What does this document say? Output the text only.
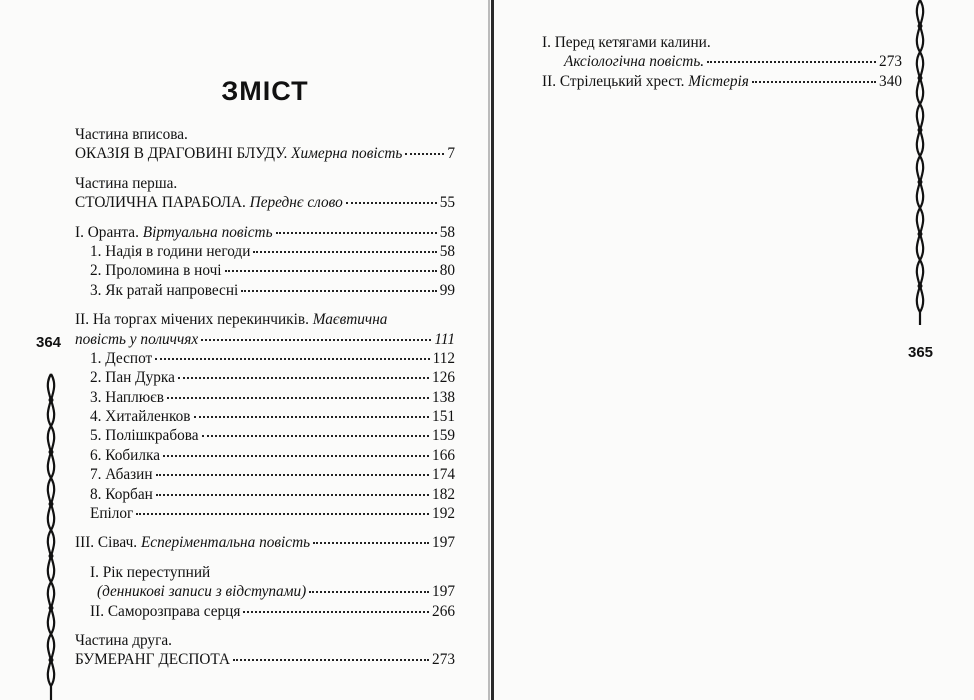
ЗМІСТ
Частина вписова.
ОКАЗІЯ В ДРАГОВИНІ БЛУДУ. Химерна повість	7
Частина перша.
СТОЛИЧНА ПАРАБОЛА. Переднє слово	55
I. Оранта. Віртуальна повість	58
1. Надія в години негоди	58
2. Проломина в ночі	80
3. Як ратай напровесні	99
II. На торгах мічених перекинчиків. Маєвтична
повість у поличчях	111
1. Деспот	112
2. Пан Дурка	126
3. Наплюєв	138
4. Хитайленков	151
5. Полішкрабова	159
6. Кобилка	166
7. Абазин	174
8. Корбан	182
Епілог	192
III. Сівач. Есперіментальна повість	197
I. Рік переступний
(денникові записи з відступами)	197
II. Саморозправа серця	266
Частина друга.
БУМЕРАНГ ДЕСПОТА	273
I. Перед кетягами калини.
Аксіологічна повість.	273
II. Стрілецький хрест. Містерія	340
364
365
